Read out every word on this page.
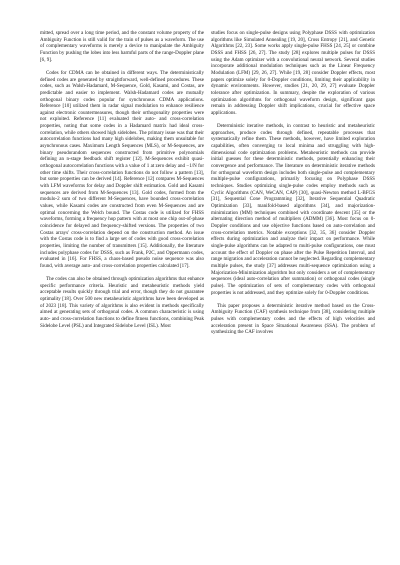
mitted, spread over a long time period, and the constant volume property of the Ambiguity Function is still valid for the train of pulses as a waveform. The use of complementary waveforms is merely a device to manipulate the Ambiguity Function by pushing the lobes into less harmful parts of the range-Doppler plane [6, 9].

Codes for CDMA can be obtained in different ways. The deterministically defined codes are generated by straightforward, well-defined procedures. These codes, such as Walsh-Hadamard, M-Sequence, Gold, Kasami, and Costas, are predictable and easier to implement. Walsh-Hadamard codes are mutually orthogonal binary codes popular for synchronous CDMA applications. Reference [10] utilized them in radar signal modulation to enhance resilience against electronic countermeasures, though their orthogonality properties were not exploited. Reference [11] evaluated their auto- and cross-correlation properties, noting that some codes in a Hadamard matrix had ideal cross-correlation, while others showed high sidelobes. The primary issue was that their autocorrelation functions had many high sidelobes, making them unsuitable for asynchronous cases. Maximum Length Sequences (MLS), or M-Sequences, are binary pseudorandom sequences constructed from primitive polynomials defining an n-stage feedback shift register [12]. M-Sequences exhibit quasi-orthogonal autocorrelation functions with a value of 1 at zero delay and −1/N for other time shifts. Their cross-correlation functions do not follow a pattern [13], but some properties can be derived [14]. Reference [12] compares M-Sequences with LFM waveforms for delay and Doppler shift estimation. Gold and Kasami sequences are derived from M-Sequences [13]. Gold codes, formed from the modulo-2 sum of two different M-Sequences, have bounded cross-correlation values, while Kasami codes are constructed from even M-Sequences and are optimal concerning the Welch bound. The Costas code is utilized for FHSS waveforms, forming a frequency hop pattern with at most one chip out-of-phase coincidence for delayed and frequency-shifted versions. The properties of two Costas arrays' cross-correlation depend on the construction method. An issue with the Costas code is to find a large set of codes with good cross-correlation properties, limiting the number of transmitters [15]. Additionally, the literature includes polyphase codes for DSSS, such as Frank, P2C, and Oppermann codes, evaluated in [16]. For FHSS, a chaos-based pseudo noise sequence was also found, with average auto- and cross-correlation properties calculated [17].

The codes can also be obtained through optimization algorithms that enhance specific performance criteria. Heuristic and metaheuristic methods yield acceptable results quickly through trial and error, though they do not guarantee optimality [18]. Over 500 new metaheuristic algorithms have been developed as of 2023 [18]. This variety of algorithms is also evident in methods specifically aimed at generating sets of orthogonal codes. A common characteristic is using auto- and cross-correlation functions to define fitness functions, combining Peak Sidelobe Level (PSL) and Integrated Sidelobe Level (ISL). Most

studies focus on single-pulse designs using Polyphase DSSS with optimization algorithms like Simulated Annealing [19, 20], Cross Entropy [21], and Genetic Algorithms [22, 23]. Some works apply single-pulse FHSS [24, 25] or combine DSSS and FHSS [26, 27]. The study [28] explores multiple pulses for DSSS using the Adam optimizer with a convolutional neural network. Several studies incorporate additional modulation techniques such as the Linear Frequency Modulation (LFM) [29, 26, 27]. While [19, 28] consider Doppler effects, most papers optimize solely for 0-Doppler conditions, limiting their applicability in dynamic environments. However, studies [21, 20, 29, 27] evaluate Doppler tolerance after optimization. In summary, despite the exploration of various optimization algorithms for orthogonal waveform design, significant gaps remain in addressing Doppler shift implications, crucial for effective space applications.

Deterministic iterative methods, in contrast to heuristic and metaheuristic approaches, produce codes through defined, repeatable processes that systematically refine them. These methods, however, have limited exploration capabilities, often converging to local minima and struggling with high-dimensional code optimization problems. Metaheuristic methods can provide initial guesses for these deterministic methods, potentially enhancing their convergence and performance. The literature on deterministic iterative methods for orthogonal waveform design includes both single-pulse and complementary multiple-pulse configurations, primarily focusing on Polyphase DSSS techniques. Studies optimizing single-pulse codes employ methods such as Cyclic Algorithms (CAN, WeCAN, CAP) [30], quasi-Newton method L-BFGS [31], Sequential Cone Programming [32], Iterative Sequential Quadratic Optimization [33], manifold-based algorithms [34], and majorization-minimization (MM) techniques combined with coordinate descent [35] or the alternating direction method of multipliers (ADMM) [36]. Most focus on 0-Doppler conditions and use objective functions based on auto-correlation and cross-correlation metrics. Notable exceptions [32, 35, 36] consider Doppler effects during optimization and analyze their impact on performance. While single-pulse algorithms can be adapted to multi-pulse configurations, one must account the effect of Doppler on phase after the Pulse Repetition Interval, and range migration and acceleration cannot be neglected. Regarding complementary multiple pulses, the study [37] addresses multi-sequence optimization using a Majorization-Minimization algorithm but only considers a set of complementary sequences (ideal auto-correlation after summation) or orthogonal codes (single pulse). The optimization of sets of complementary codes with orthogonal properties is not addressed, and they optimize solely for 0-Doppler conditions.

This paper proposes a deterministic iterative method based on the Cross-Ambiguity Function (CAF) synthesis technique from [38], considering multiple pulses with complementary codes and the effects of high velocities and acceleration present in Space Situational Awareness (SSA). The problem of synthesizing the CAF involves
